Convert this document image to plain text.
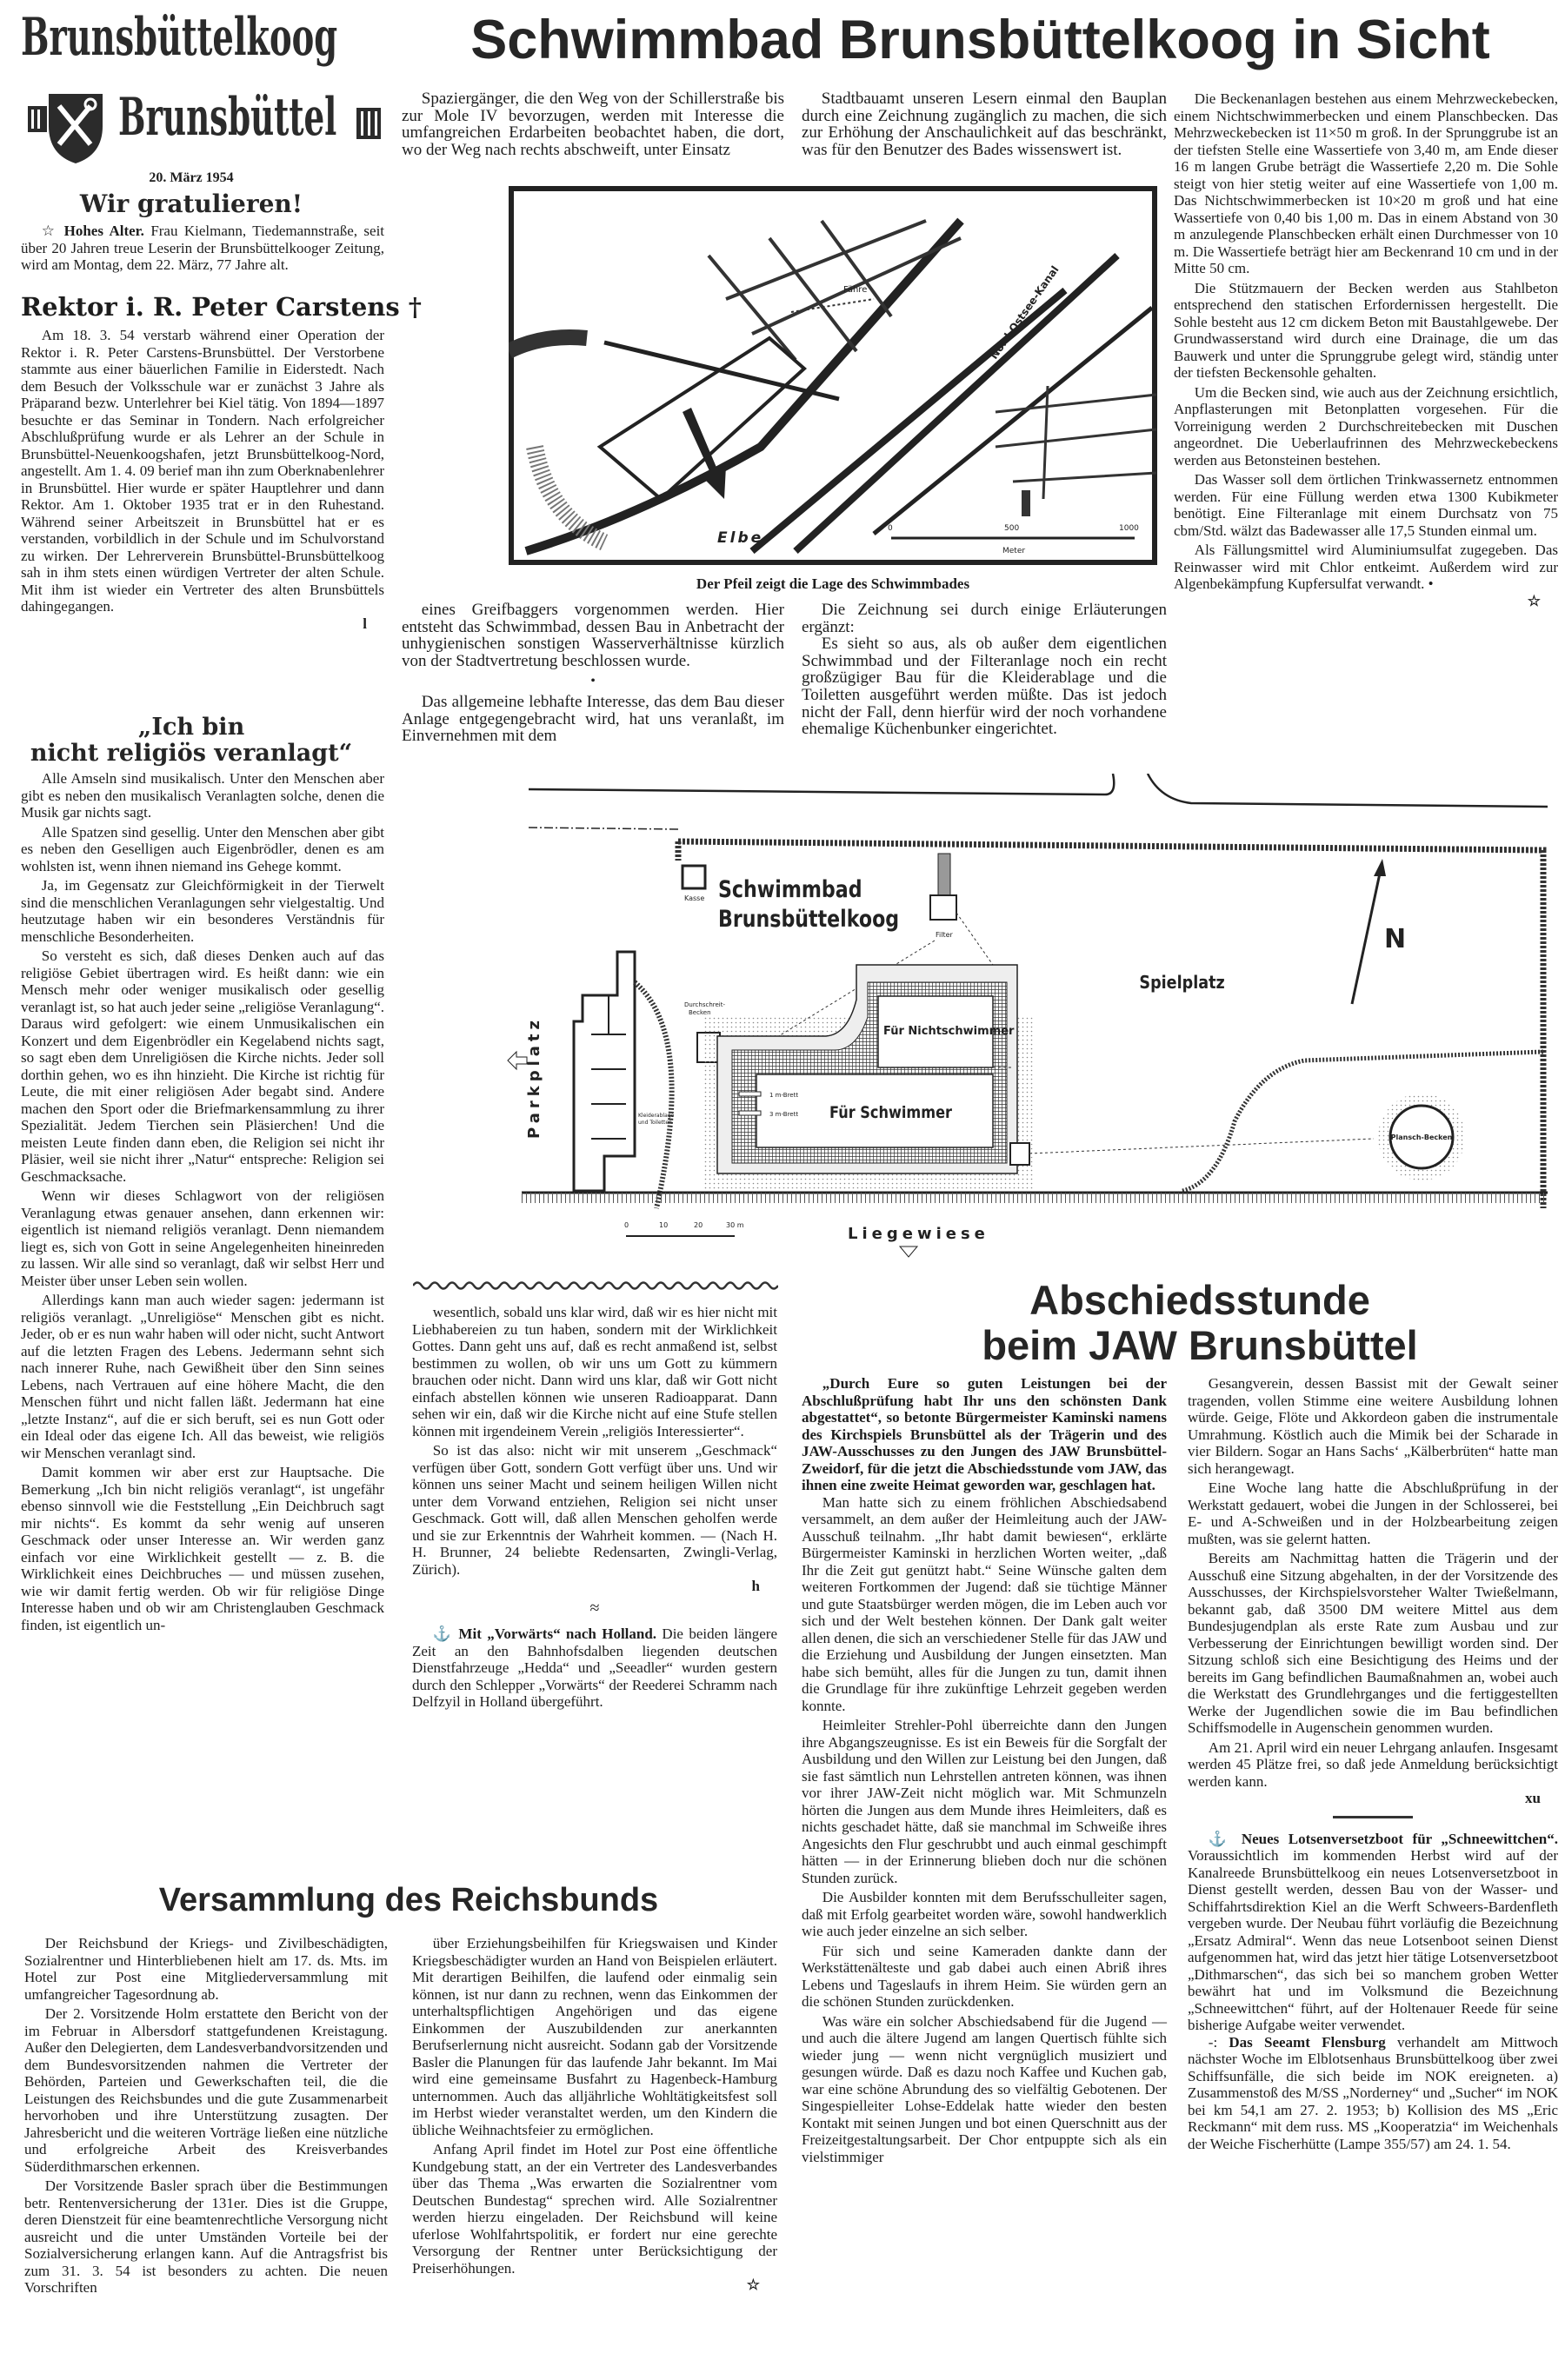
Brunsbüttelkoog
Brunsbüttel
20. März 1954
Wir gratulieren!

☆ Hohes Alter. Frau Kielmann, Tiedemannstraße, seit über 20 Jahren treue Leserin der Brunsbüttelkooger Zeitung, wird am Montag, dem 22. März, 77 Jahre alt.

Rektor i. R. Peter Carstens †

Am 18. 3. 54 verstarb während einer Operation der Rektor i. R. Peter Carstens-Brunsbüttel. Der Verstorbene stammte aus einer bäuerlichen Familie in Eiderstedt. Nach dem Besuch der Volksschule war er zunächst 3 Jahre als Präparand bezw. Unterlehrer bei Kiel tätig. Von 1894—1897 besuchte er das Seminar in Tondern. Nach erfolgreicher Abschlußprüfung wurde er als Lehrer an der Schule in Brunsbüttel-Neuenkoogshafen, jetzt Brunsbüttelkoog-Nord, angestellt. Am 1. 4. 09 berief man ihn zum Oberknabenlehrer in Brunsbüttel. Hier wurde er später Hauptlehrer und dann Rektor. Am 1. Oktober 1935 trat er in den Ruhestand. Während seiner Arbeitszeit in Brunsbüttel hat er es verstanden, vorbildlich in der Schule und im Schulvorstand zu wirken. Der Lehrerverein Brunsbüttel-Brunsbüttelkoog sah in ihm stets einen würdigen Vertreter der alten Schule. Mit ihm ist wieder ein Vertreter des alten Brunsbüttels dahingegangen.

l
„Ich bin
nicht religiös veranlagt“

Alle Amseln sind musikalisch. Unter den Menschen aber gibt es neben den musikalisch Veranlagten solche, denen die Musik gar nichts sagt.

Alle Spatzen sind gesellig. Unter den Menschen aber gibt es neben den Geselligen auch Eigenbrödler, denen es am wohlsten ist, wenn ihnen niemand ins Gehege kommt.

Ja, im Gegensatz zur Gleichförmigkeit in der Tierwelt sind die menschlichen Veranlagungen sehr vielgestaltig. Und heutzutage haben wir ein besonderes Verständnis für menschliche Besonderheiten.

So versteht es sich, daß dieses Denken auch auf das religiöse Gebiet übertragen wird. Es heißt dann: wie ein Mensch mehr oder weniger musikalisch oder gesellig veranlagt ist, so hat auch jeder seine „religiöse Veranlagung“. Daraus wird gefolgert: wie einem Unmusikalischen ein Konzert und dem Eigenbrödler ein Kegelabend nichts sagt, so sagt eben dem Unreligiösen die Kirche nichts. Jeder soll dorthin gehen, wo es ihn hinzieht. Die Kirche ist richtig für Leute, die mit einer religiösen Ader begabt sind. Andere machen den Sport oder die Briefmarkensammlung zu ihrer Spezialität. Jedem Tierchen sein Pläsierchen! Und die meisten Leute finden dann eben, die Religion sei nicht ihr Pläsier, weil sie nicht ihrer „Natur“ entspreche: Religion sei Geschmacksache.

Wenn wir dieses Schlagwort von der religiösen Veranlagung etwas genauer ansehen, dann erkennen wir: eigentlich ist niemand religiös veranlagt. Denn niemandem liegt es, sich von Gott in seine Angelegenheiten hineinreden zu lassen. Wir alle sind so veranlagt, daß wir selbst Herr und Meister über unser Leben sein wollen.

Allerdings kann man auch wieder sagen: jedermann ist religiös veranlagt. „Unreligiöse“ Menschen gibt es nicht. Jeder, ob er es nun wahr haben will oder nicht, sucht Antwort auf die letzten Fragen des Lebens. Jedermann sehnt sich nach innerer Ruhe, nach Gewißheit über den Sinn seines Lebens, nach Vertrauen auf eine höhere Macht, die den Menschen führt und nicht fallen läßt. Jedermann hat eine „letzte Instanz“, auf die er sich beruft, sei es nun Gott oder ein Ideal oder das eigene Ich. All das beweist, wie religiös wir Menschen veranlagt sind.

Damit kommen wir aber erst zur Hauptsache. Die Bemerkung „Ich bin nicht religiös veranlagt“, ist ungefähr ebenso sinnvoll wie die Feststellung „Ein Deichbruch sagt mir nichts“. Es kommt da sehr wenig auf unseren Geschmack oder unser Interesse an. Wir werden ganz einfach vor eine Wirklichkeit gestellt — z. B. die Wirklichkeit eines Deichbruches — und müssen zusehen, wie wir damit fertig werden. Ob wir für religiöse Dinge Interesse haben und ob wir am Christenglauben Geschmack finden, ist eigentlich un-

wesentlich, sobald uns klar wird, daß wir es hier nicht mit Liebhabereien zu tun haben, sondern mit der Wirklichkeit Gottes. Dann geht uns auf, daß es recht anmaßend ist, selbst bestimmen zu wollen, ob wir uns um Gott zu kümmern brauchen oder nicht. Dann wird uns klar, daß wir Gott nicht einfach abstellen können wie unseren Radioapparat. Dann sehen wir ein, daß wir die Kirche nicht auf eine Stufe stellen können mit irgendeinem Verein „religiös Interessierter“.

So ist das also: nicht wir mit unserem „Geschmack“ verfügen über Gott, sondern Gott verfügt über uns. Und wir können uns seiner Macht und seinem heiligen Willen nicht unter dem Vorwand entziehen, Religion sei nicht unser Geschmack. Gott will, daß allen Menschen geholfen werde und sie zur Erkenntnis der Wahrheit kommen. — (Nach H. H. Brunner, 24 beliebte Redensarten, Zwingli-Verlag, Zürich).

h
≈

⚓ Mit „Vorwärts“ nach Holland. Die beiden längere Zeit an den Bahnhofsdalben liegenden deutschen Dienstfahrzeuge „Hedda“ und „Seeadler“ wurden gestern durch den Schlepper „Vorwärts“ der Reederei Schramm nach Delfzyil in Holland übergeführt.

Schwimmbad Brunsbüttelkoog in Sicht

Spaziergänger, die den Weg von der Schillerstraße bis zur Mole IV bevorzugen, werden mit Interesse die umfangreichen Erdarbeiten beobachtet haben, die dort, wo der Weg nach rechts abschweift, unter Einsatz

Stadtbauamt unseren Lesern einmal den Bauplan durch eine Zeichnung zugänglich zu machen, die sich zur Erhöhung der Anschaulichkeit auf das beschränkt, was für den Benutzer des Bades wissenswert ist.

Fähre	Nord-Ostsee-Kanal
Elbe
0	500	1000
Meter
Der Pfeil zeigt die Lage des Schwimmbades

eines Greifbaggers vorgenommen werden. Hier entsteht das Schwimmbad, dessen Bau in Anbetracht der unhygienischen sonstigen Wasserverhältnisse kürzlich von der Stadtvertretung beschlossen wurde.

•

Das allgemeine lebhafte Interesse, das dem Bau dieser Anlage entgegengebracht wird, hat uns veranlaßt, im Einvernehmen mit dem

Die Zeichnung sei durch einige Erläuterungen ergänzt:

Es sieht so aus, als ob außer dem eigentlichen Schwimmbad und der Filteranlage noch ein recht großzügiger Bau für die Kleiderablage und die Toiletten ausgeführt werden müßte. Das ist jedoch nicht der Fall, denn hierfür wird der noch vorhandene ehemalige Küchenbunker eingerichtet.

Die Beckenanlagen bestehen aus einem Mehrzweckebecken, einem Nichtschwimmerbecken und einem Planschbecken. Das Mehrzweckebecken ist 11×50 m groß. In der Sprunggrube ist an der tiefsten Stelle eine Wassertiefe von 3,40 m, am Ende dieser 16 m langen Grube beträgt die Wassertiefe 2,20 m. Die Sohle steigt von hier stetig weiter auf eine Wassertiefe von 1,00 m. Das Nichtschwimmerbecken ist 10×20 m groß und hat eine Wassertiefe von 0,40 bis 1,00 m. Das in einem Abstand von 30 m anzulegende Planschbecken erhält einen Durchmesser von 10 m. Die Wassertiefe beträgt hier am Beckenrand 10 cm und in der Mitte 50 cm.

Die Stützmauern der Becken werden aus Stahlbeton entsprechend den statischen Erfordernissen hergestellt. Die Sohle besteht aus 12 cm dickem Beton mit Baustahlgewebe. Der Grundwasserstand wird durch eine Drainage, die um das Bauwerk und unter die Sprunggrube gelegt wird, ständig unter der tiefsten Beckensohle gehalten.

Um die Becken sind, wie auch aus der Zeichnung ersichtlich, Anpflasterungen mit Betonplatten vorgesehen. Für die Vorreinigung werden 2 Durchschreitebecken mit Duschen angeordnet. Die Ueberlaufrinnen des Mehrzweckebeckens werden aus Betonsteinen bestehen.

Das Wasser soll dem örtlichen Trinkwassernetz entnommen werden. Für eine Füllung werden etwa 1300 Kubikmeter benötigt. Eine Filteranlage mit einem Durchsatz von 75 cbm/Std. wälzt das Badewasser alle 17,5 Stunden einmal um.

Als Fällungsmittel wird Aluminiumsulfat zugegeben. Das Reinwasser wird mit Chlor entkeimt. Außerdem wird zur Algenbekämpfung Kupfersulfat verwandt. •

☆
Kasse Schwimmbad
Brunsbüttelkoog
Filter
Kleiderablage
und Toiletten
Parkplatz
Durchschreit-
Becken
Für Nichtschwimmer
Für Schwimmer
1 m-Brett
3 m-Brett
Spielplatz
N
Plansch-Becken
0	10	20	30 m	Liegewiese
Abschiedsstunde
beim JAW Brunsbüttel

„Durch Eure so guten Leistungen bei der Abschlußprüfung habt Ihr uns den schönsten Dank abgestattet“, so betonte Bürgermeister Kaminski namens des Kirchspiels Brunsbüttel als der Trägerin und des JAW-Ausschusses zu den Jungen des JAW Brunsbüttel-Zweidorf, für die jetzt die Abschiedsstunde vom JAW, das ihnen eine zweite Heimat geworden war, geschlagen hat.

Man hatte sich zu einem fröhlichen Abschiedsabend versammelt, an dem außer der Heimleitung auch der JAW-Ausschuß teilnahm. „Ihr habt damit bewiesen“, erklärte Bürgermeister Kaminski in herzlichen Worten weiter, „daß Ihr die Zeit gut genützt habt.“ Seine Wünsche galten dem weiteren Fortkommen der Jugend: daß sie tüchtige Männer und gute Staatsbürger werden mögen, die im Leben auch vor sich und der Welt bestehen können. Der Dank galt weiter allen denen, die sich an verschiedener Stelle für das JAW und die Erziehung und Ausbildung der Jungen einsetzten. Man habe sich bemüht, alles für die Jungen zu tun, damit ihnen die Grundlage für ihre zukünftige Lehrzeit gegeben werden konnte.

Heimleiter Strehler-Pohl überreichte dann den Jungen ihre Abgangszeugnisse. Es ist ein Beweis für die Sorgfalt der Ausbildung und den Willen zur Leistung bei den Jungen, daß sie fast sämtlich nun Lehrstellen antreten können, was ihnen vor ihrer JAW-Zeit nicht möglich war. Mit Schmunzeln hörten die Jungen aus dem Munde ihres Heimleiters, daß es nichts geschadet hätte, daß sie manchmal im Schweiße ihres Angesichts den Flur geschrubbt und auch einmal geschimpft hätten — in der Erinnerung blieben doch nur die schönen Stunden zurück.

Die Ausbilder konnten mit dem Berufsschulleiter sagen, daß mit Erfolg gearbeitet worden wäre, sowohl handwerklich wie auch jeder einzelne an sich selber.

Für sich und seine Kameraden dankte dann der Werkstättenälteste und gab dabei auch einen Abriß ihres Lebens und Tageslaufs in ihrem Heim. Sie würden gern an die schönen Stunden zurückdenken.

Was wäre ein solcher Abschiedsabend für die Jugend — und auch die ältere Jugend am langen Quertisch fühlte sich wieder jung — wenn nicht vergnüglich musiziert und gesungen würde. Daß es dazu noch Kaffee und Kuchen gab, war eine schöne Abrundung des so vielfältig Gebotenen. Der Singespielleiter Lohse-Eddelak hatte wieder den besten Kontakt mit seinen Jungen und bot einen Querschnitt aus der Freizeitgestaltungsarbeit. Der Chor entpuppte sich als ein vielstimmiger

Gesangverein, dessen Bassist mit der Gewalt seiner tragenden, vollen Stimme eine weitere Ausbildung lohnen würde. Geige, Flöte und Akkordeon gaben die instrumentale Umrahmung. Köstlich auch die Mimik bei der Scharade in vier Bildern. Sogar an Hans Sachs‘ „Kälberbrüten“ hatte man sich herangewagt.

Eine Woche lang hatte die Abschlußprüfung in der Werkstatt gedauert, wobei die Jungen in der Schlosserei, bei E- und A-Schweißen und in der Holzbearbeitung zeigen mußten, was sie gelernt hatten.

Bereits am Nachmittag hatten die Trägerin und der Ausschuß eine Sitzung abgehalten, in der der Vorsitzende des Ausschusses, der Kirchspielsvorsteher Walter Twießelmann, bekannt gab, daß 3500 DM weitere Mittel aus dem Bundesjugendplan als erste Rate zum Ausbau und zur Verbesserung der Einrichtungen bewilligt worden sind. Der Sitzung schloß sich eine Besichtigung des Heims und der bereits im Gang befindlichen Baumaßnahmen an, wobei auch die Werkstatt des Grundlehrganges und die fertiggestellten Werke der Jugendlichen sowie die im Bau befindlichen Schiffsmodelle in Augenschein genommen wurden.

Am 21. April wird ein neuer Lehrgang anlaufen. Insgesamt werden 45 Plätze frei, so daß jede Anmeldung berücksichtigt werden kann.

xu

⚓ Neues Lotsenversetzboot für „Schneewittchen“. Voraussichtlich im kommenden Herbst wird auf der Kanalreede Brunsbüttelkoog ein neues Lotsenversetzboot in Dienst gestellt werden, dessen Bau von der Wasser- und Schiffahrtsdirektion Kiel an die Werft Schweers-Bardenfleth vergeben wurde. Der Neubau führt vorläufig die Bezeichnung „Ersatz Admiral“. Wenn das neue Lotsenboot seinen Dienst aufgenommen hat, wird das jetzt hier tätige Lotsenversetzboot „Dithmarschen“, das sich bei so manchem groben Wetter bewährt hat und im Volksmund die Bezeichnung „Schneewittchen“ führt, auf der Holtenauer Reede für seine bisherige Aufgabe weiter verwendet.

-: Das Seeamt Flensburg verhandelt am Mittwoch nächster Woche im Elblotsenhaus Brunsbüttelkoog über zwei Schiffsunfälle, die sich beide im NOK ereigneten. a) Zusammenstoß des M/SS „Norderney“ und „Sucher“ im NOK bei km 54,1 am 27. 2. 1953; b) Kollision des MS „Eric Reckmann“ mit dem russ. MS „Kooperatzia“ im Weichenhals der Weiche Fischerhütte (Lampe 355/57) am 24. 1. 54.

Versammlung des Reichsbunds

Der Reichsbund der Kriegs- und Zivilbeschädigten, Sozialrentner und Hinterbliebenen hielt am 17. ds. Mts. im Hotel zur Post eine Mitgliederversammlung mit umfangreicher Tagesordnung ab.

Der 2. Vorsitzende Holm erstattete den Bericht von der im Februar in Albersdorf stattgefundenen Kreistagung. Außer den Delegierten, dem Landesverbandvorsitzenden und dem Bundesvorsitzenden nahmen die Vertreter der Behörden, Parteien und Gewerkschaften teil, die die Leistungen des Reichsbundes und die gute Zusammenarbeit hervorhoben und ihre Unterstützung zusagten. Der Jahresbericht und die weiteren Vorträge ließen eine nützliche und erfolgreiche Arbeit des Kreisverbandes Süderdithmarschen erkennen.

Der Vorsitzende Basler sprach über die Bestimmungen betr. Rentenversicherung der 131er. Dies ist die Gruppe, deren Dienstzeit für eine beamtenrechtliche Versorgung nicht ausreicht und die unter Umständen Vorteile bei der Sozialversicherung erlangen kann. Auf die Antragsfrist bis zum 31. 3. 54 ist besonders zu achten. Die neuen Vorschriften

über Erziehungsbeihilfen für Kriegswaisen und Kinder Kriegsbeschädigter wurden an Hand von Beispielen erläutert. Mit derartigen Beihilfen, die laufend oder einmalig sein können, ist nur dann zu rechnen, wenn das Einkommen der unterhaltspflichtigen Angehörigen und das eigene Einkommen der Auszubildenden zur anerkannten Berufserlernung nicht ausreicht. Sodann gab der Vorsitzende Basler die Planungen für das laufende Jahr bekannt. Im Mai wird eine gemeinsame Busfahrt zu Hagenbeck-Hamburg unternommen. Auch das alljährliche Wohltätigkeitsfest soll im Herbst wieder veranstaltet werden, um den Kindern die übliche Weihnachtsfeier zu ermöglichen.

Anfang April findet im Hotel zur Post eine öffentliche Kundgebung statt, an der ein Vertreter des Landesverbandes über das Thema „Was erwarten die Sozialrentner vom Deutschen Bundestag“ sprechen wird. Alle Sozialrentner werden hierzu eingeladen. Der Reichsbund will keine uferlose Wohlfahrtspolitik, er fordert nur eine gerechte Versorgung der Rentner unter Berücksichtigung der Preiserhöhungen.

☆
